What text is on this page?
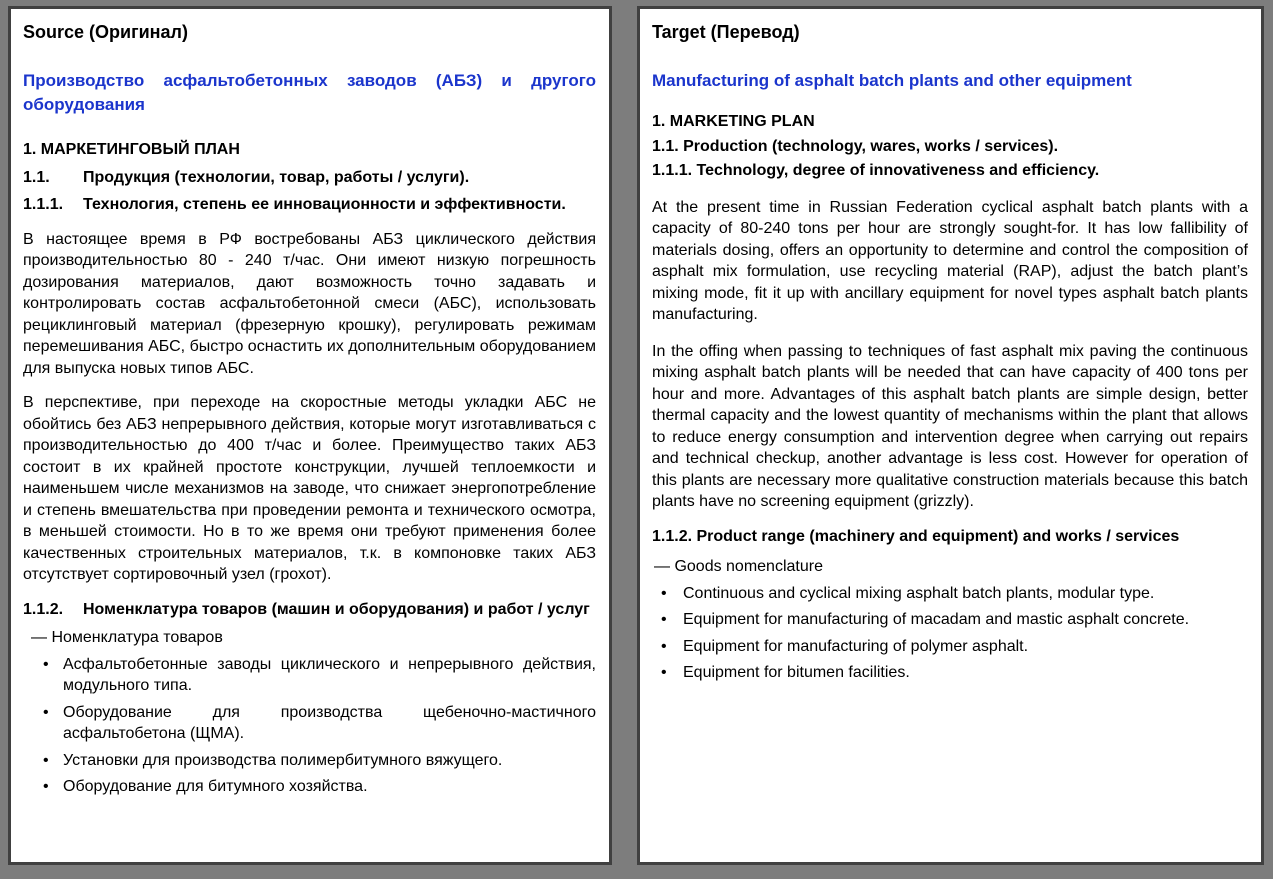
Source (Оригинал)
Производство асфальтобетонных заводов (АБЗ) и другого оборудования
1. МАРКЕТИНГОВЫЙ ПЛАН
1.1. Продукция (технологии, товар, работы / услуги).
1.1.1. Технология, степень ее инновационности и эффективности.

В настоящее время в РФ востребованы АБЗ циклического действия производительностью 80 - 240 т/час. Они имеют низкую погрешность дозирования материалов, дают возможность точно задавать и контролировать состав асфальтобетонной смеси (АБС), использовать рециклинговый материал (фрезерную крошку), регулировать режимам перемешивания АБС, быстро оснастить их дополнительным оборудованием для выпуска новых типов АБС.

В перспективе, при переходе на скоростные методы укладки АБС не обойтись без АБЗ непрерывного действия, которые могут изготавливаться с производительностью до 400 т/час и более. Преимущество таких АБЗ состоит в их крайней простоте конструкции, лучшей теплоемкости и наименьшем числе механизмов на заводе, что снижает энергопотребление и степень вмешательства при проведении ремонта и технического осмотра, в меньшей стоимости. Но в то же время они требуют применения более качественных строительных материалов, т.к. в компоновке таких АБЗ отсутствует сортировочный узел (грохот).

1.1.2. Номенклатура товаров (машин и оборудования) и работ / услуг
— Номенклатура товаров
• Асфальтобетонные заводы циклического и непрерывного действия, модульного типа.
• Оборудование для производства щебеночно-мастичного асфальтобетона (ЩМА).
• Установки для производства полимербитумного вяжущего.
• Оборудование для битумного хозяйства.
Target (Перевод)
Manufacturing of asphalt batch plants and other equipment
1. MARKETING PLAN
1.1. Production (technology, wares, works / services).
1.1.1. Technology, degree of innovativeness and efficiency.

At the present time in Russian Federation cyclical asphalt batch plants with a capacity of 80-240 tons per hour are strongly sought-for. It has low fallibility of materials dosing, offers an opportunity to determine and control the composition of asphalt mix formulation, use recycling material (RAP), adjust the batch plant’s mixing mode, fit it up with ancillary equipment for novel types asphalt batch plants manufacturing.

In the offing when passing to techniques of fast asphalt mix paving the continuous mixing asphalt batch plants will be needed that can have capacity of 400 tons per hour and more. Advantages of this asphalt batch plants are simple design, better thermal capacity and the lowest quantity of mechanisms within the plant that allows to reduce energy consumption and intervention degree when carrying out repairs and technical checkup, another advantage is less cost. However for operation of this plants are necessary more qualitative construction materials because this batch plants have no screening equipment (grizzly).

1.1.2. Product range (machinery and equipment) and works / services
— Goods nomenclature
•	Continuous and cyclical mixing asphalt batch plants, modular type.
•	Equipment for manufacturing of macadam and mastic asphalt concrete.
•	Equipment for manufacturing of polymer asphalt.
•	Equipment for bitumen facilities.
